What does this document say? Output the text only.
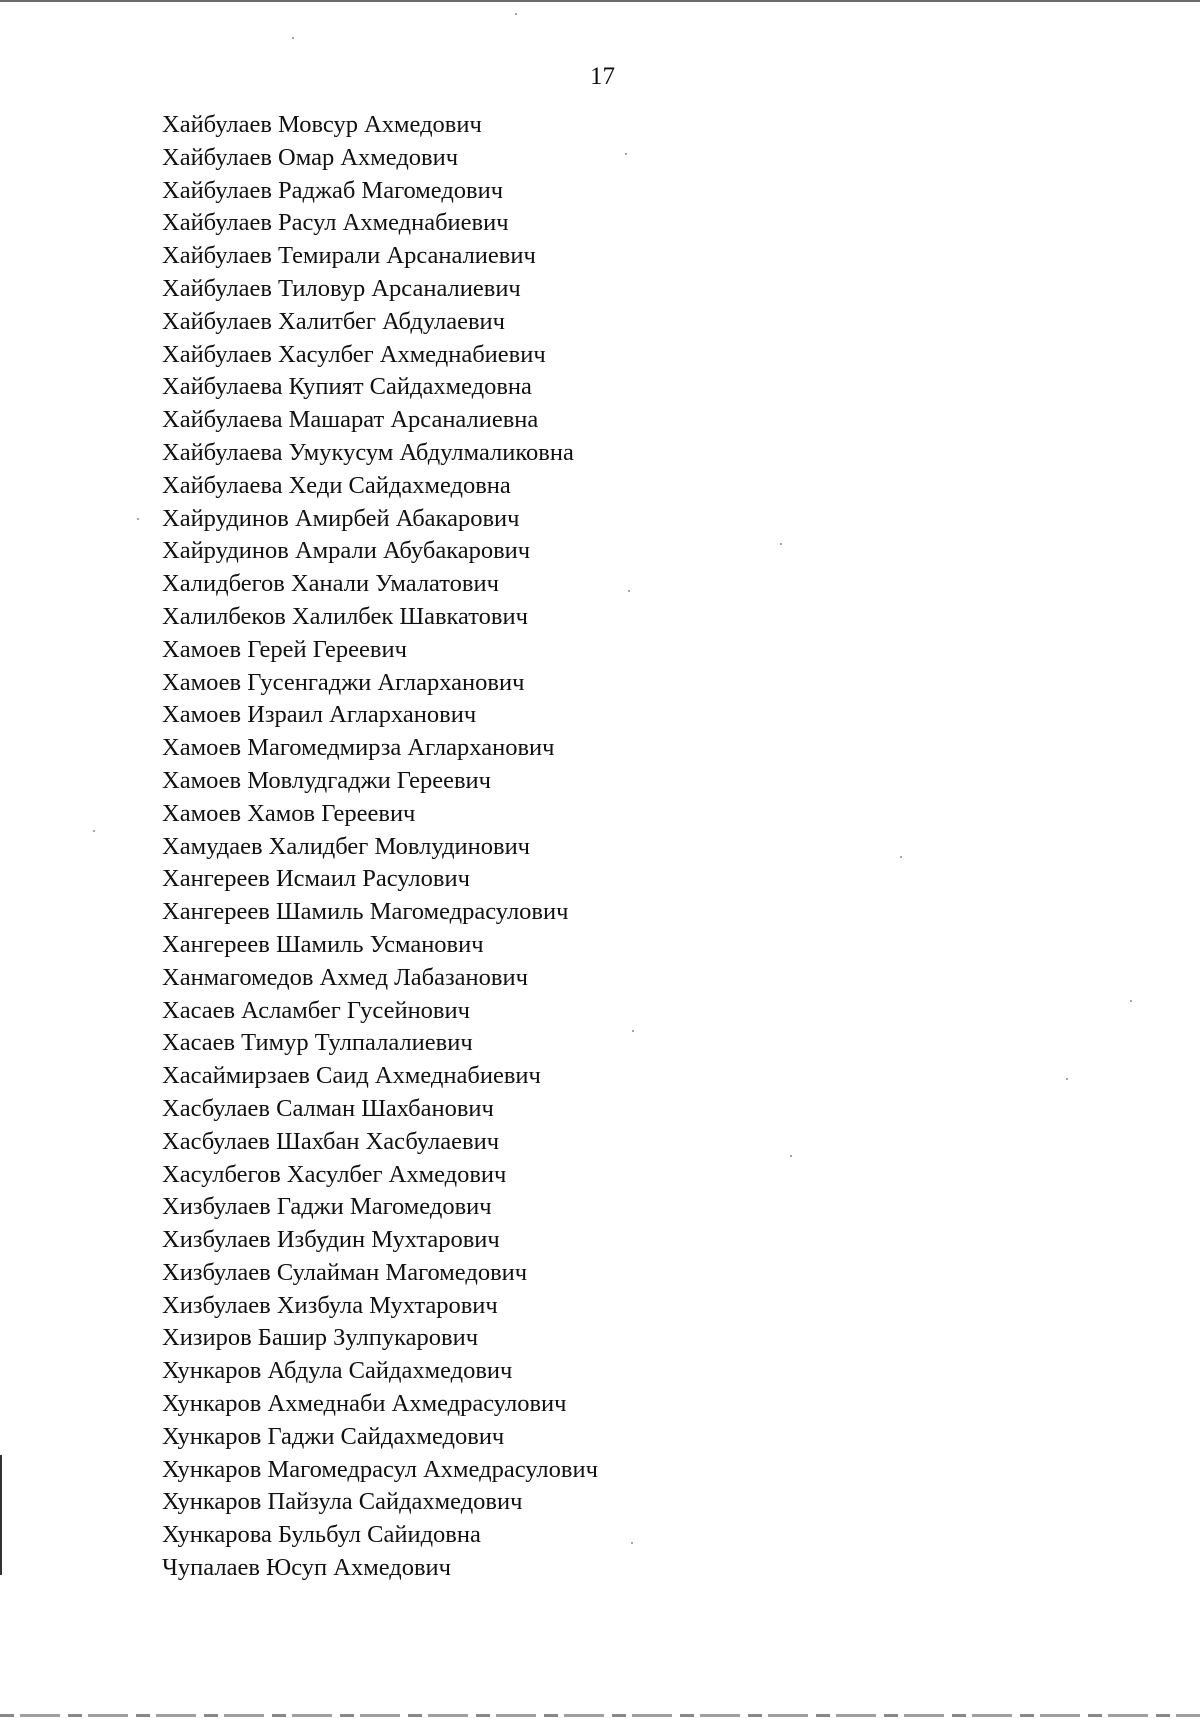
17
Хайбулаев Мовсур Ахмедович
Хайбулаев Омар Ахмедович
Хайбулаев Раджаб Магомедович
Хайбулаев Расул Ахмеднабиевич
Хайбулаев Темирали Арсаналиевич
Хайбулаев Тиловур Арсаналиевич
Хайбулаев Халитбег Абдулаевич
Хайбулаев Хасулбег Ахмеднабиевич
Хайбулаева Купият Сайдахмедовна
Хайбулаева Машарат Арсаналиевна
Хайбулаева Умукусум Абдулмаликовна
Хайбулаева Хеди Сайдахмедовна
Хайрудинов Амирбей Абакарович
Хайрудинов Амрали Абубакарович
Халидбегов Ханали Умалатович
Халилбеков Халилбек Шавкатович
Хамоев Герей Гереевич
Хамоев Гусенгаджи Агларханович
Хамоев Израил Агларханович
Хамоев Магомедмирза Агларханович
Хамоев Мовлудгаджи Гереевич
Хамоев Хамов Гереевич
Хамудаев Халидбег Мовлудинович
Хангереев Исмаил Расулович
Хангереев Шамиль Магомедрасулович
Хангереев Шамиль Усманович
Ханмагомедов Ахмед Лабазанович
Хасаев Асламбег Гусейнович
Хасаев Тимур Тулпалалиевич
Хасаймирзаев Саид Ахмеднабиевич
Хасбулаев Салман Шахбанович
Хасбулаев Шахбан Хасбулаевич
Хасулбегов Хасулбег Ахмедович
Хизбулаев Гаджи Магомедович
Хизбулаев Избудин Мухтарович
Хизбулаев Сулайман Магомедович
Хизбулаев Хизбула Мухтарович
Хизиров Башир Зулпукарович
Хункаров Абдула Сайдахмедович
Хункаров Ахмеднаби Ахмедрасулович
Хункаров Гаджи Сайдахмедович
Хункаров Магомедрасул Ахмедрасулович
Хункаров Пайзула Сайдахмедович
Хункарова Бульбул Сайидовна
Чупалаев Юсуп Ахмедович
